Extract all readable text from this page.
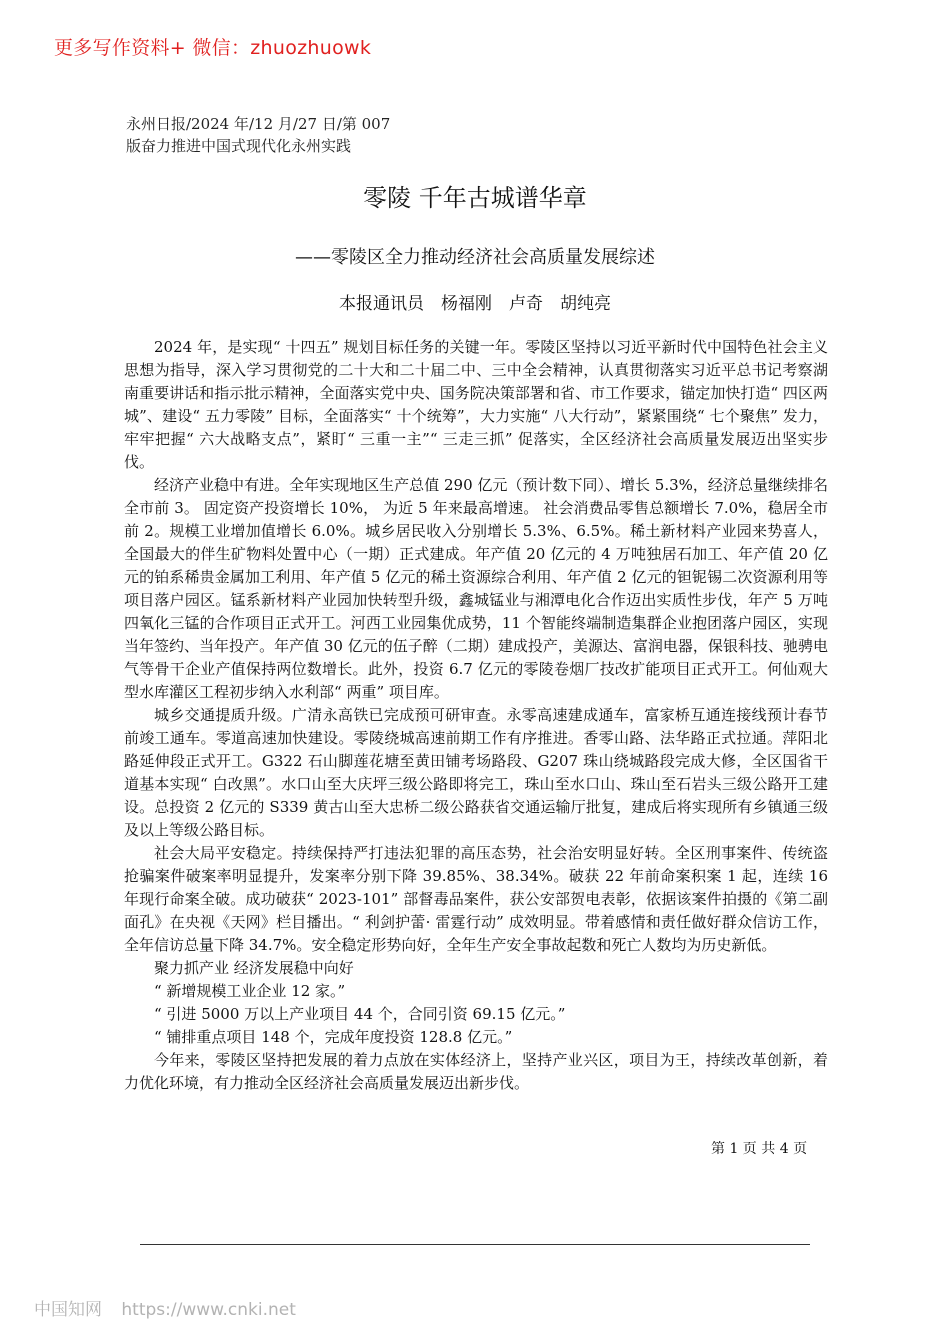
更多写作资料+ 微信：zhuozhuowk
永州日报/2024 年/12 月/27 日/第 007
版奋力推进中国式现代化永州实践
零陵 千年古城谱华章
——零陵区全力推动经济社会高质量发展综述
本报通讯员　杨福刚　卢奇　胡纯亮

2024 年，是实现“ 十四五” 规划目标任务的关键一年。零陵区坚持以习近平新时代中国特色社会主义思想为指导，深入学习贯彻党的二十大和二十届二中、三中全会精神，认真贯彻落实习近平总书记考察湖南重要讲话和指示批示精神，全面落实党中央、国务院决策部署和省、市工作要求，锚定加快打造“ 四区两城”、建设“ 五力零陵” 目标，全面落实“ 十个统筹”，大力实施“ 八大行动”，紧紧围绕“ 七个聚焦” 发力，牢牢把握“ 六大战略支点”，紧盯“ 三重一主”“ 三走三抓” 促落实，全区经济社会高质量发展迈出坚实步伐。

经济产业稳中有进。全年实现地区生产总值 290 亿元（预计数下同）、增长 5.3%，经济总量继续排名全市前 3。 固定资产投资增长 10%， 为近 5 年来最高增速。 社会消费品零售总额增长 7.0%，稳居全市前 2。规模工业增加值增长 6.0%。城乡居民收入分别增长 5.3%、6.5%。稀土新材料产业园来势喜人，全国最大的伴生矿物料处置中心（一期）正式建成。年产值 20 亿元的 4 万吨独居石加工、年产值 20 亿元的铂系稀贵金属加工利用、年产值 5 亿元的稀土资源综合利用、年产值 2 亿元的钽铌锡二次资源利用等项目落户园区。锰系新材料产业园加快转型升级，鑫城锰业与湘潭电化合作迈出实质性步伐，年产 5 万吨四氧化三锰的合作项目正式开工。河西工业园集优成势，11 个智能终端制造集群企业抱团落户园区，实现当年签约、当年投产。年产值 30 亿元的伍子醉（二期）建成投产，美源达、富润电器，保银科技、驰骋电气等骨干企业产值保持两位数增长。此外，投资 6.7 亿元的零陵卷烟厂技改扩能项目正式开工。何仙观大型水库灌区工程初步纳入水利部“ 两重” 项目库。

城乡交通提质升级。广清永高铁已完成预可研审查。永零高速建成通车，富家桥互通连接线预计春节前竣工通车。零道高速加快建设。零陵绕城高速前期工作有序推进。香零山路、法华路正式拉通。萍阳北路延伸段正式开工。G322 石山脚莲花塘至黄田铺考场路段、G207 珠山绕城路段完成大修，全区国省干道基本实现“ 白改黑”。水口山至大庆坪三级公路即将完工，珠山至水口山、珠山至石岩头三级公路开工建设。总投资 2 亿元的 S339 黄古山至大忠桥二级公路获省交通运输厅批复，建成后将实现所有乡镇通三级及以上等级公路目标。

社会大局平安稳定。持续保持严打违法犯罪的高压态势，社会治安明显好转。全区刑事案件、传统盗抢骗案件破案率明显提升，发案率分别下降 39.85%、38.34%。破获 22 年前命案积案 1 起，连续 16 年现行命案全破。成功破获“ 2023-101” 部督毒品案件，获公安部贺电表彰，依据该案件拍摄的《第二副面孔》在央视《天网》栏目播出。“ 利剑护蕾· 雷霆行动” 成效明显。带着感情和责任做好群众信访工作，全年信访总量下降 34.7%。安全稳定形势向好，全年生产安全事故起数和死亡人数均为历史新低。

聚力抓产业 经济发展稳中向好

“ 新增规模工业企业 12 家。”

“ 引进 5000 万以上产业项目 44 个，合同引资 69.15 亿元。”

“ 铺排重点项目 148 个，完成年度投资 128.8 亿元。”

今年来，零陵区坚持把发展的着力点放在实体经济上，坚持产业兴区，项目为王，持续改革创新，着力优化环境，有力推动全区经济社会高质量发展迈出新步伐。

第 1 页 共 4 页
中国知网 https://www.cnki.net
